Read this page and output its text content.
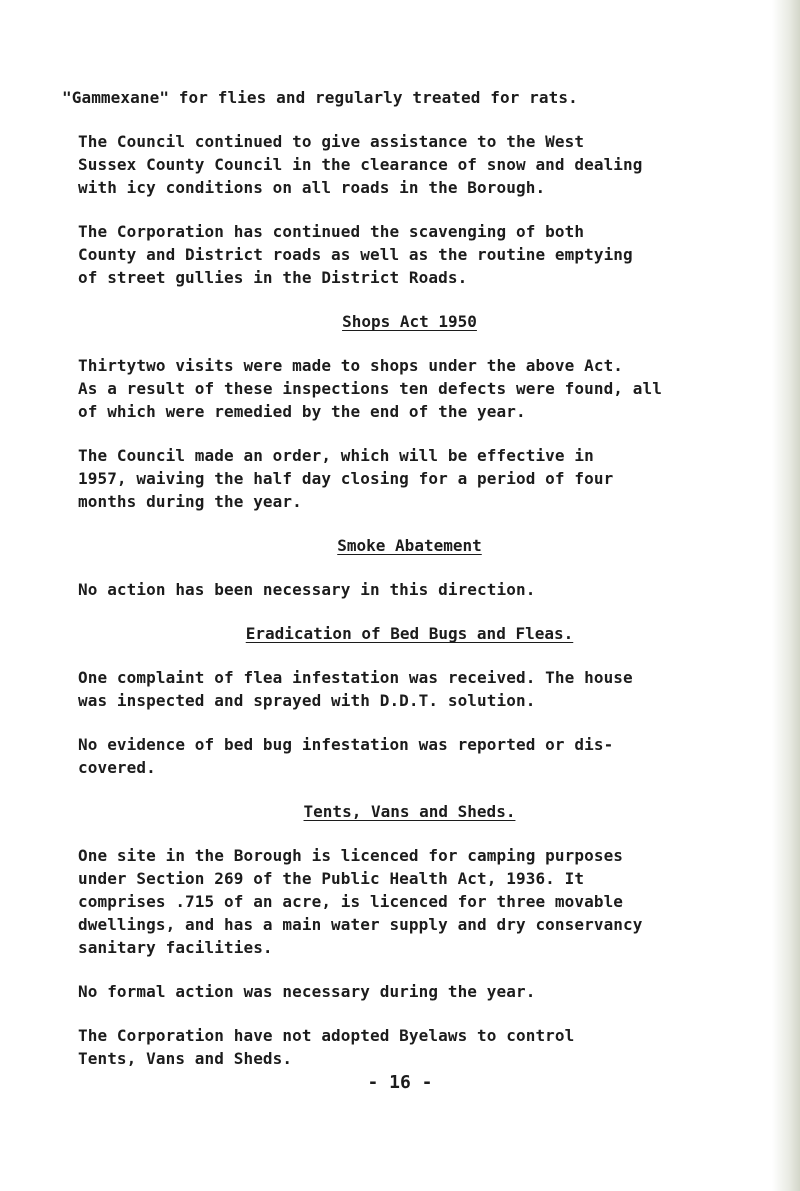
"Gammexane" for flies and regularly treated for rats.

The Council continued to give assistance to the West
Sussex County Council in the clearance of snow and dealing
with icy conditions on all roads in the Borough.

The Corporation has continued the scavenging of both
County and District roads as well as the routine emptying
of street gullies in the District Roads.

Shops Act 1950

Thirtytwo visits were made to shops under the above Act.
As a result of these inspections ten defects were found, all
of which were remedied by the end of the year.

The Council made an order, which will be effective in
1957, waiving the half day closing for a period of four
months during the year.

Smoke Abatement

No action has been necessary in this direction.

Eradication of Bed Bugs and Fleas.

One complaint of flea infestation was received. The house
was inspected and sprayed with D.D.T. solution.

No evidence of bed bug infestation was reported or dis-
covered.

Tents, Vans and Sheds.

One site in the Borough is licenced for camping purposes
under Section 269 of the Public Health Act, 1936. It
comprises .715 of an acre, is licenced for three movable
dwellings, and has a main water supply and dry conservancy
sanitary facilities.

No formal action was necessary during the year.

The Corporation have not adopted Byelaws to control
Tents, Vans and Sheds.

- 16 -
